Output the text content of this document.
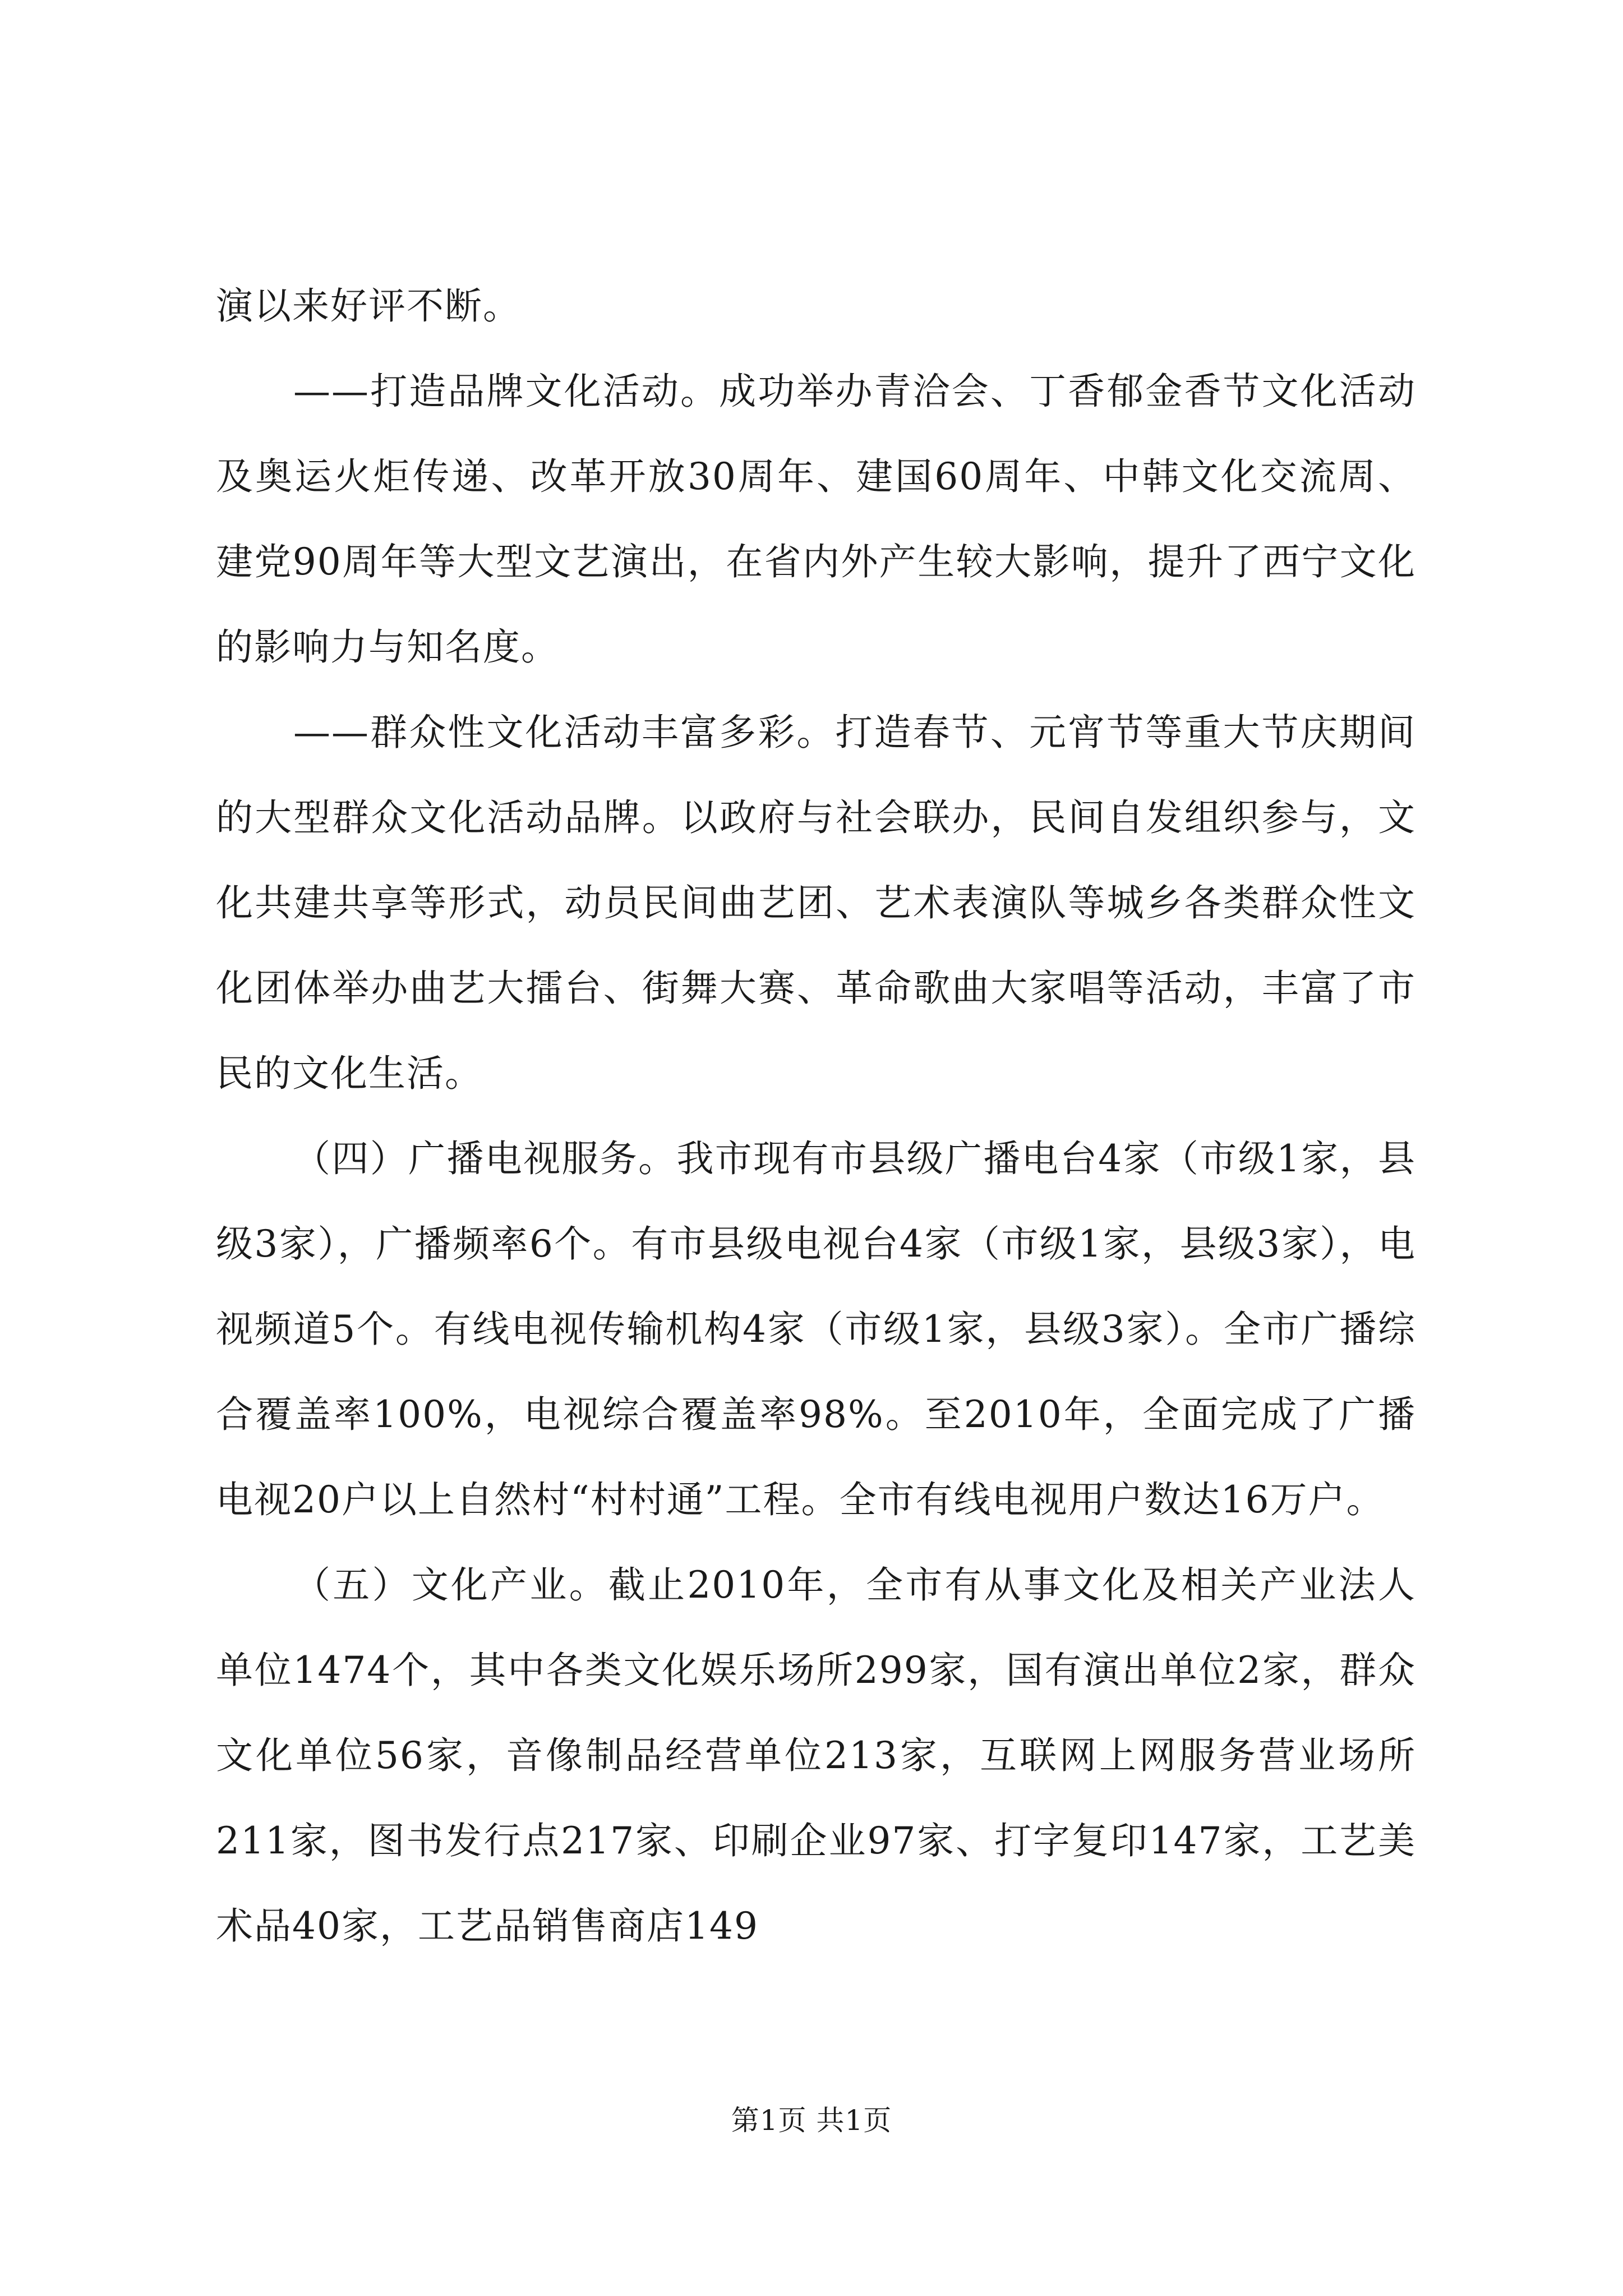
演以来好评不断。

——打造品牌文化活动。成功举办青洽会、丁香郁金香节文化活动及奥运火炬传递、改革开放30周年、建国60周年、中韩文化交流周、建党90周年等大型文艺演出，在省内外产生较大影响，提升了西宁文化的影响力与知名度。

——群众性文化活动丰富多彩。打造春节、元宵节等重大节庆期间的大型群众文化活动品牌。以政府与社会联办，民间自发组织参与，文化共建共享等形式，动员民间曲艺团、艺术表演队等城乡各类群众性文化团体举办曲艺大擂台、街舞大赛、革命歌曲大家唱等活动，丰富了市民的文化生活。

（四）广播电视服务。我市现有市县级广播电台4家（市级1家，县级3家），广播频率6个。有市县级电视台4家（市级1家，县级3家），电视频道5个。有线电视传输机构4家（市级1家，县级3家）。全市广播综合覆盖率100%，电视综合覆盖率98%。至2010年，全面完成了广播电视20户以上自然村“村村通”工程。全市有线电视用户数达16万户。

（五）文化产业。截止2010年，全市有从事文化及相关产业法人单位1474个，其中各类文化娱乐场所299家，国有演出单位2家，群众文化单位56家，音像制品经营单位213家，互联网上网服务营业场所211家，图书发行点217家、印刷企业97家、打字复印147家，工艺美术品40家，工艺品销售商店149

第1页 共1页
